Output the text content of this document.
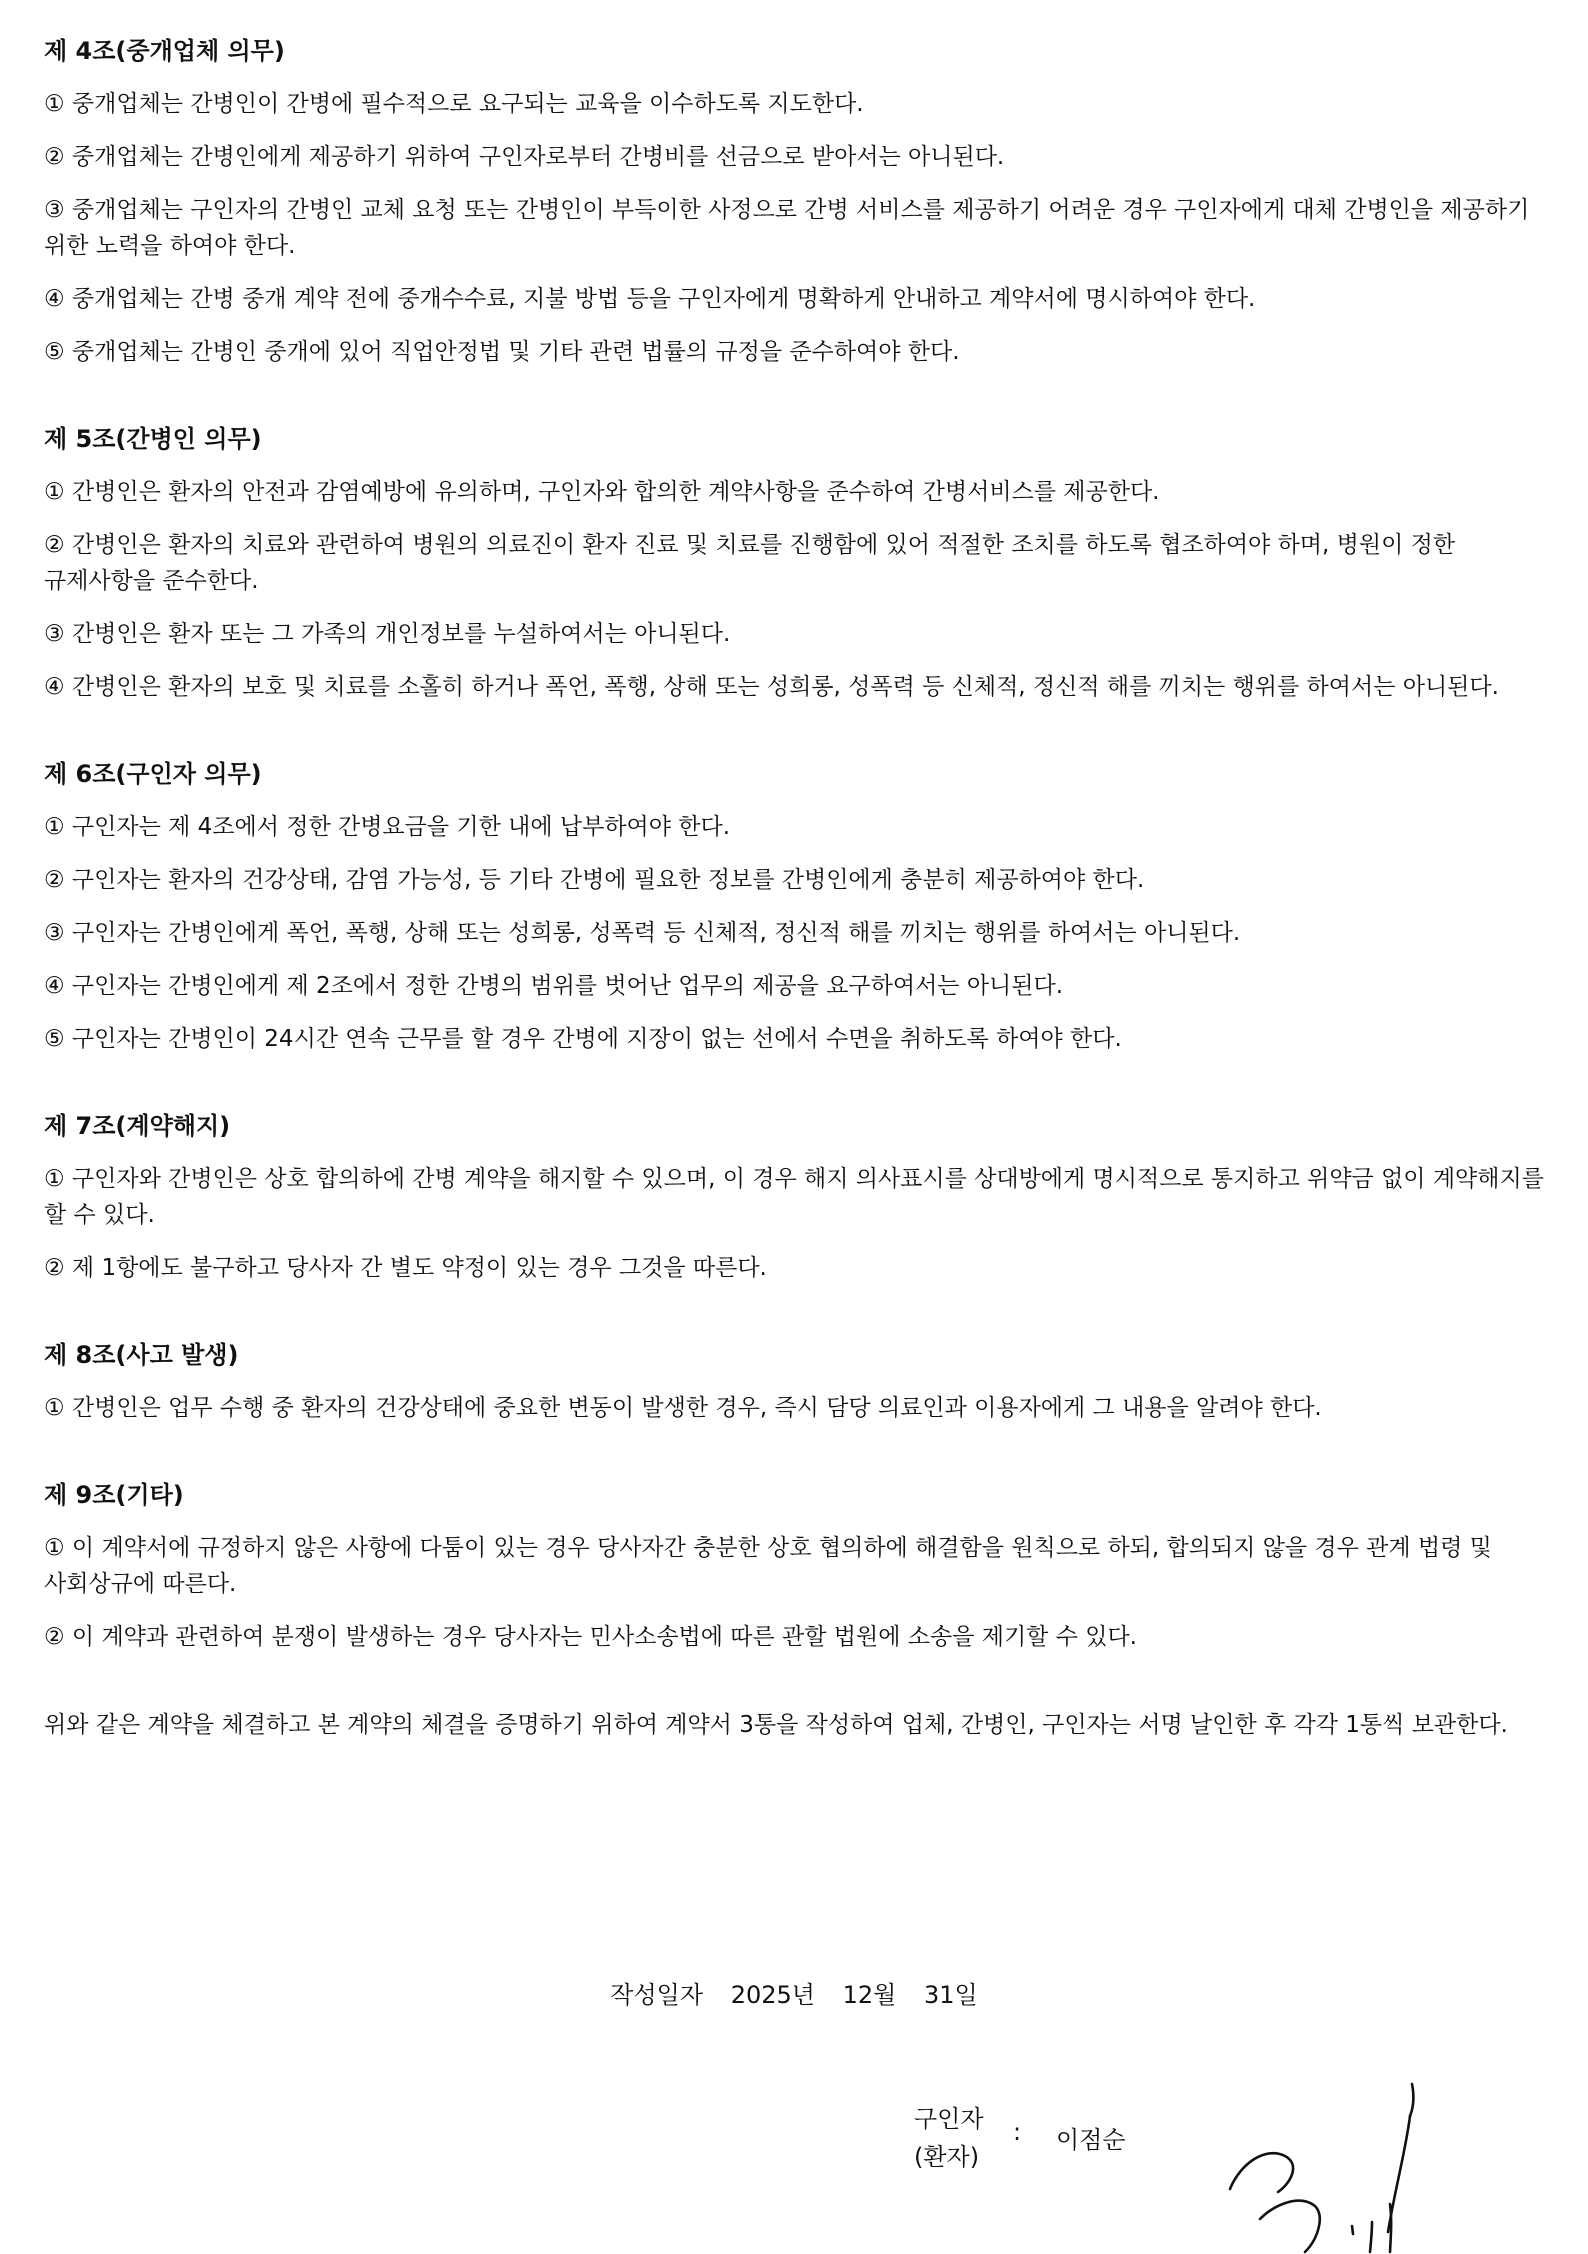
제 4조(중개업체 의무)

① 중개업체는 간병인이 간병에 필수적으로 요구되는 교육을 이수하도록 지도한다.

② 중개업체는 간병인에게 제공하기 위하여 구인자로부터 간병비를 선금으로 받아서는 아니된다.

③ 중개업체는 구인자의 간병인 교체 요청 또는 간병인이 부득이한 사정으로 간병 서비스를 제공하기 어려운 경우 구인자에게 대체 간병인을 제공하기 위한 노력을 하여야 한다.

④ 중개업체는 간병 중개 계약 전에 중개수수료, 지불 방법 등을 구인자에게 명확하게 안내하고 계약서에 명시하여야 한다.

⑤ 중개업체는 간병인 중개에 있어 직업안정법 및 기타 관련 법률의 규정을 준수하여야 한다.

제 5조(간병인 의무)

① 간병인은 환자의 안전과 감염예방에 유의하며, 구인자와 합의한 계약사항을 준수하여 간병서비스를 제공한다.

② 간병인은 환자의 치료와 관련하여 병원의 의료진이 환자 진료 및 치료를 진행함에 있어 적절한 조치를 하도록 협조하여야 하며, 병원이 정한 규제사항을 준수한다.

③ 간병인은 환자 또는 그 가족의 개인정보를 누설하여서는 아니된다.

④ 간병인은 환자의 보호 및 치료를 소홀히 하거나 폭언, 폭행, 상해 또는 성희롱, 성폭력 등 신체적, 정신적 해를 끼치는 행위를 하여서는 아니된다.

제 6조(구인자 의무)

① 구인자는 제 4조에서 정한 간병요금을 기한 내에 납부하여야 한다.

② 구인자는 환자의 건강상태, 감염 가능성, 등 기타 간병에 필요한 정보를 간병인에게 충분히 제공하여야 한다.

③ 구인자는 간병인에게 폭언, 폭행, 상해 또는 성희롱, 성폭력 등 신체적, 정신적 해를 끼치는 행위를 하여서는 아니된다.

④ 구인자는 간병인에게 제 2조에서 정한 간병의 범위를 벗어난 업무의 제공을 요구하여서는 아니된다.

⑤ 구인자는 간병인이 24시간 연속 근무를 할 경우 간병에 지장이 없는 선에서 수면을 취하도록 하여야 한다.

제 7조(계약해지)

① 구인자와 간병인은 상호 합의하에 간병 계약을 해지할 수 있으며, 이 경우 해지 의사표시를 상대방에게 명시적으로 통지하고 위약금 없이 계약해지를 할 수 있다.

② 제 1항에도 불구하고 당사자 간 별도 약정이 있는 경우 그것을 따른다.

제 8조(사고 발생)

① 간병인은 업무 수행 중 환자의 건강상태에 중요한 변동이 발생한 경우, 즉시 담당 의료인과 이용자에게 그 내용을 알려야 한다.

제 9조(기타)

① 이 계약서에 규정하지 않은 사항에 다툼이 있는 경우 당사자간 충분한 상호 협의하에 해결함을 원칙으로 하되, 합의되지 않을 경우 관계 법령 및 사회상규에 따른다.

② 이 계약과 관련하여 분쟁이 발생하는 경우 당사자는 민사소송법에 따른 관할 법원에 소송을 제기할 수 있다.

위와 같은 계약을 체결하고 본 계약의 체결을 증명하기 위하여 계약서 3통을 작성하여 업체, 간병인, 구인자는 서명 날인한 후 각각 1통씩 보관한다.

작성일자 2025년 12월 31일
구인자
(환자)
: 이점순
